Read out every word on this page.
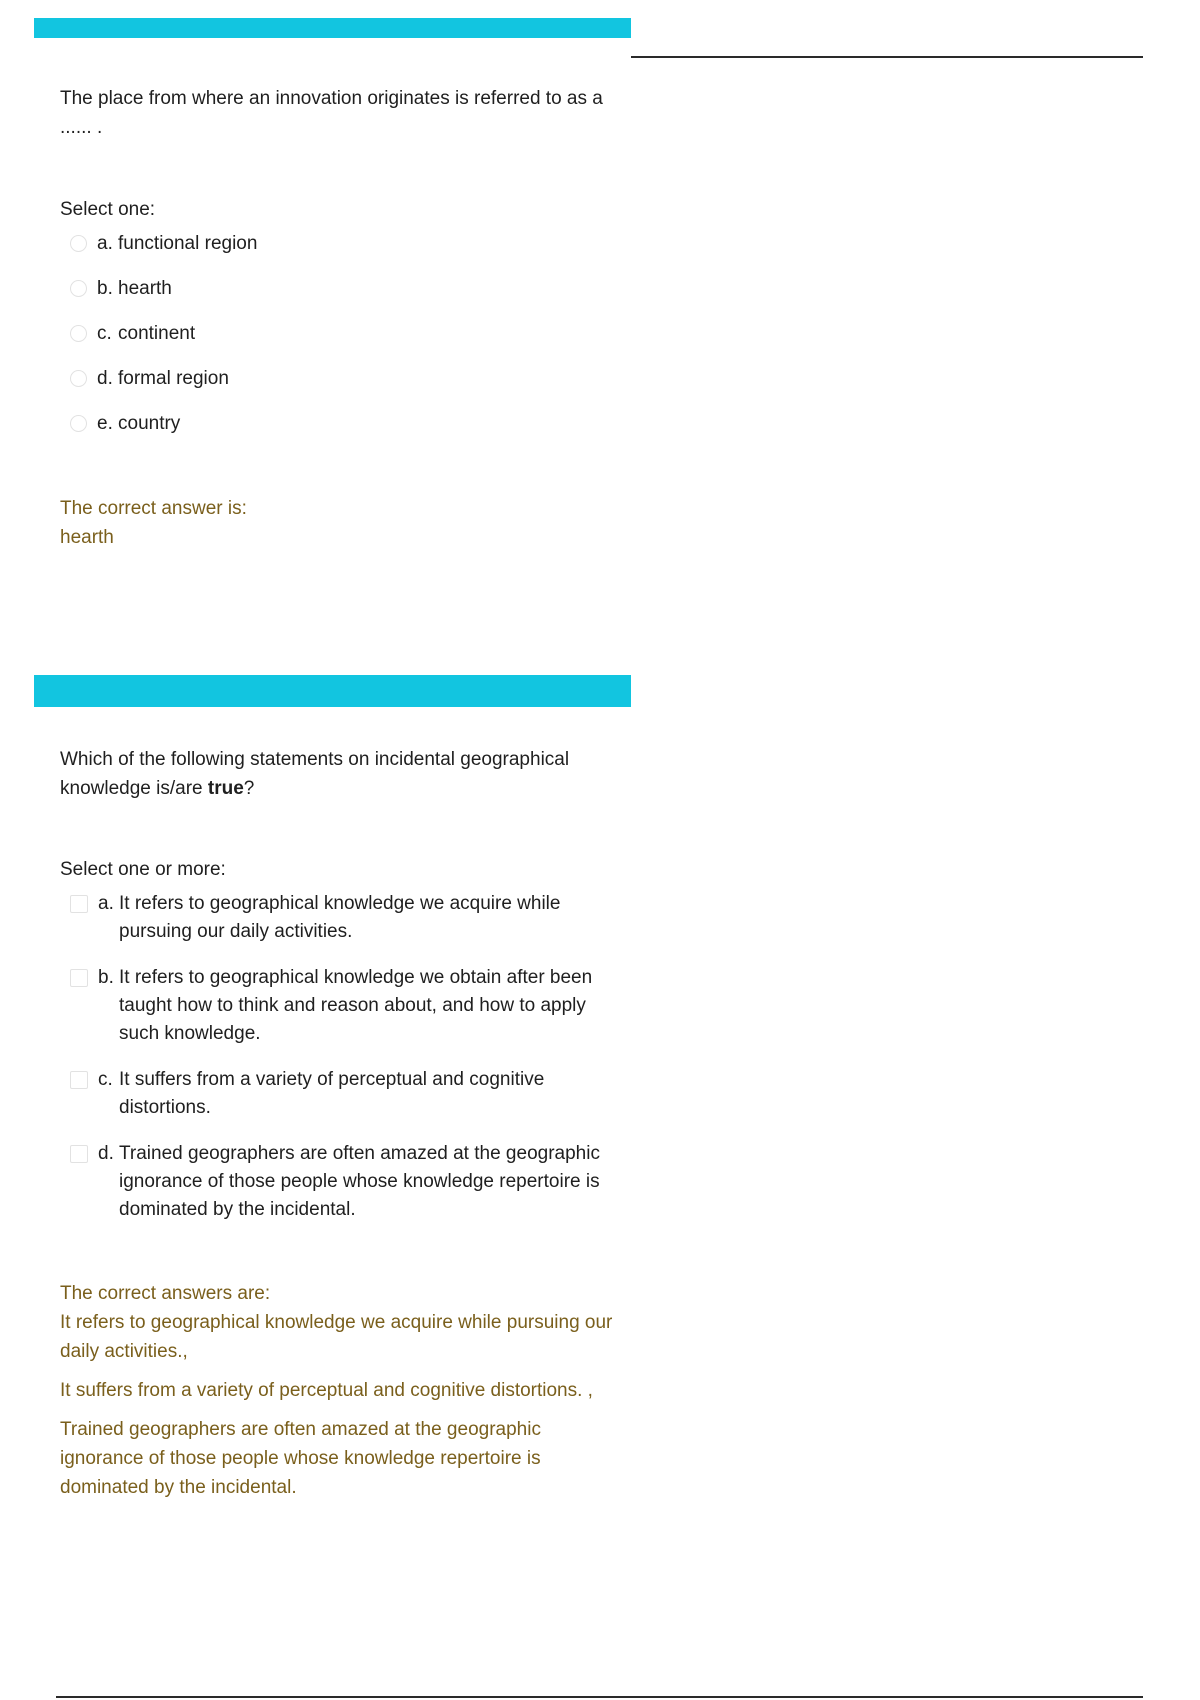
The place from where an innovation originates is referred to as a ...... .

Select one:

a. functional region
b. hearth
c. continent
d. formal region
e. country

The correct answer is:

hearth

Which of the following statements on incidental geographical knowledge is/are true?

Select one or more:

a. It refers to geographical knowledge we acquire while pursuing our daily activities.
b. It refers to geographical knowledge we obtain after been taught how to think and reason about, and how to apply such knowledge.
c. It suffers from a variety of perceptual and cognitive distortions.
d. Trained geographers are often amazed at the geographic ignorance of those people whose knowledge repertoire is dominated by the incidental.

The correct answers are:

It refers to geographical knowledge we acquire while pursuing our daily activities.,

It suffers from a variety of perceptual and cognitive distortions. ,

Trained geographers are often amazed at the geographic ignorance of those people whose knowledge repertoire is dominated by the incidental.
